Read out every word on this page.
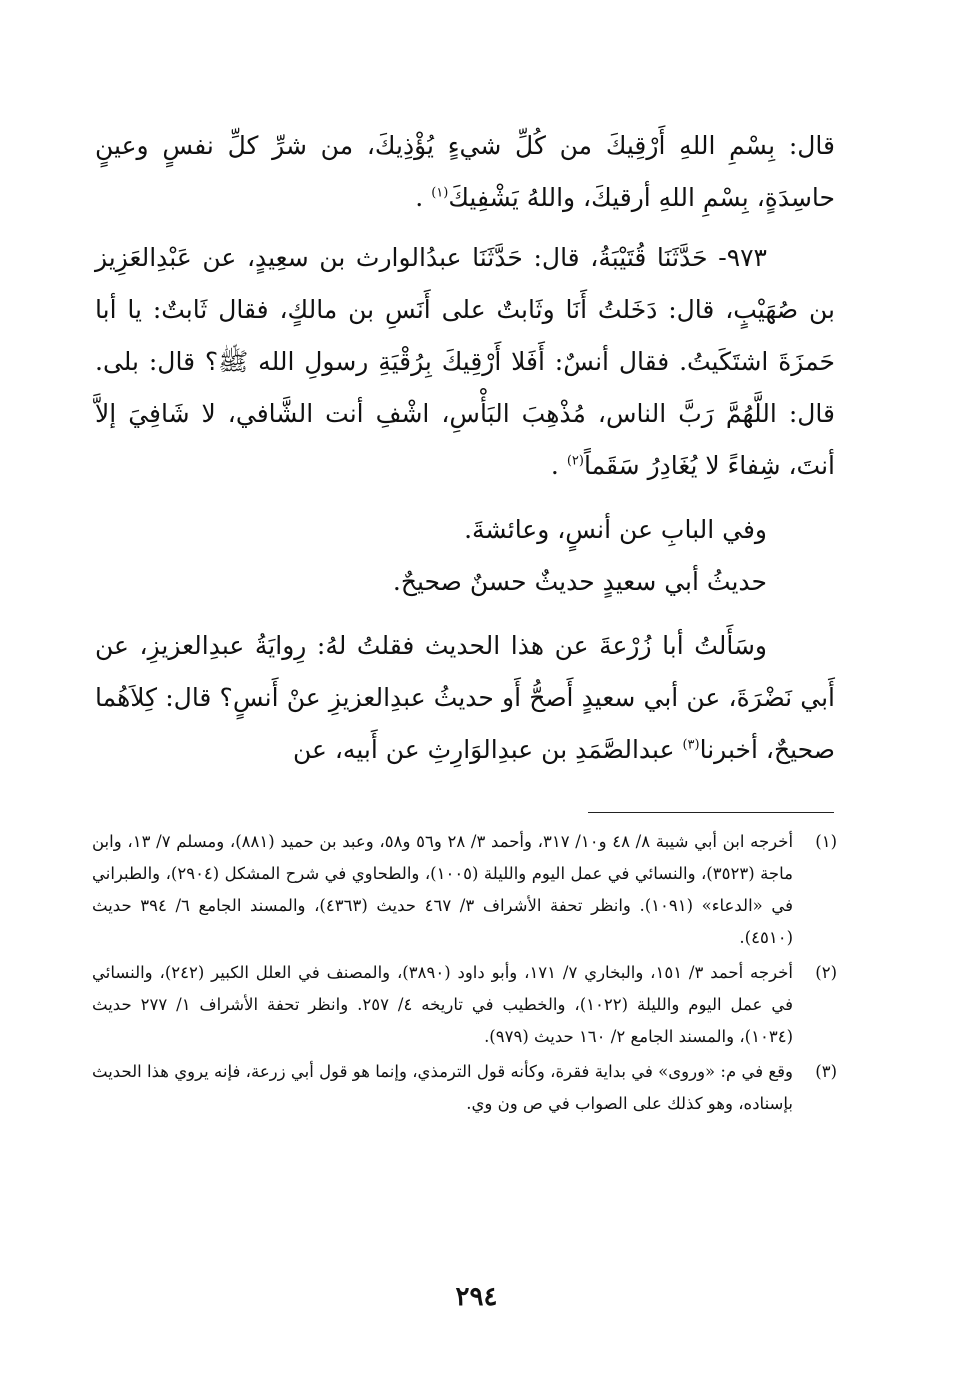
قال: بِسْمِ اللهِ أَرْقِيكَ من كُلِّ شيءٍ يُؤْذِيكَ، من شرِّ كلِّ نفسٍ وعينٍ حاسِدَةٍ، بِسْمِ اللهِ أرقيكَ، واللهُ يَشْفِيكَ$^{(١)}$ .

٩٧٣- حَدَّثَنَا قُتَيْبَةُ، قال: حَدَّثَنَا عبدُالوارث بن سعِيدٍ، عن عَبْدِالعَزِيز بن صُهَيْبٍ، قال: دَخَلتُ أَنَا وثَابتٌ على أَنَسِ بن مالكٍ، فقال ثَابتٌ: يا أبا حَمزَةَ اشتَكَيتُ. فقال أنسٌ: أَفَلا أَرْقِيكَ بِرُقْيَةِ رسولِ الله ﷺ؟ قال: بلى. قال: اللَّهُمَّ رَبَّ الناس، مُذْهِبَ البَأْسِ، اشْفِ أنت الشَّافي، لا شَافِيَ إلاَّ أنتَ، شِفاءً لا يُغَادِرُ سَقَماً$^{(٢)}$ .

وفي البابِ عن أنسٍ، وعائشةَ.

حديثُ أبي سعيدٍ حديثٌ حسنٌ صحيحٌ.

وسَأَلتُ أبا زُرْعةَ عن هذا الحديث فقلتُ لهُ: رِوايَةُ عبدِالعزيزِ، عن أَبي نَضْرَةَ، عن أبي سعيدٍ أَصحُّ أَو حديثُ عبدِالعزيزِ عنْ أَنسٍ؟ قال: كِلاَهُما صحيحٌ، أخبرنا$^{(٣)}$ عبدالصَّمَدِ بن عبدِالوَارِثِ عن أَبيه، عن

(١)
أخرجه ابن أبي شيبة ٨/ ٤٨ و١٠/ ٣١٧، وأحمد ٣/ ٢٨ و٥٦ و٥٨، وعبد بن حميد (٨٨١)، ومسلم ٧/ ١٣، وابن ماجة (٣٥٢٣)، والنسائي في عمل اليوم والليلة (١٠٠٥)، والطحاوي في شرح المشكل (٢٩٠٤)، والطبراني في «الدعاء» (١٠٩١). وانظر تحفة الأشراف ٣/ ٤٦٧ حديث (٤٣٦٣)، والمسند الجامع ٦/ ٣٩٤ حديث (٤٥١٠).
(٢)
أخرجه أحمد ٣/ ١٥١، والبخاري ٧/ ١٧١، وأبو داود (٣٨٩٠)، والمصنف في العلل الكبير (٢٤٢)، والنسائي في عمل اليوم والليلة (١٠٢٢)، والخطيب في تاريخه ٤/ ٢٥٧. وانظر تحفة الأشراف ١/ ٢٧٧ حديث (١٠٣٤)، والمسند الجامع ٢/ ١٦٠ حديث (٩٧٩).
(٣)
وقع في م: «وروى» في بداية فقرة، وكأنه قول الترمذي، وإنما هو قول أبي زرعة، فإنه يروي هذا الحديث بإسناده، وهو كذلك على الصواب في ص ون وي.
٢٩٤
